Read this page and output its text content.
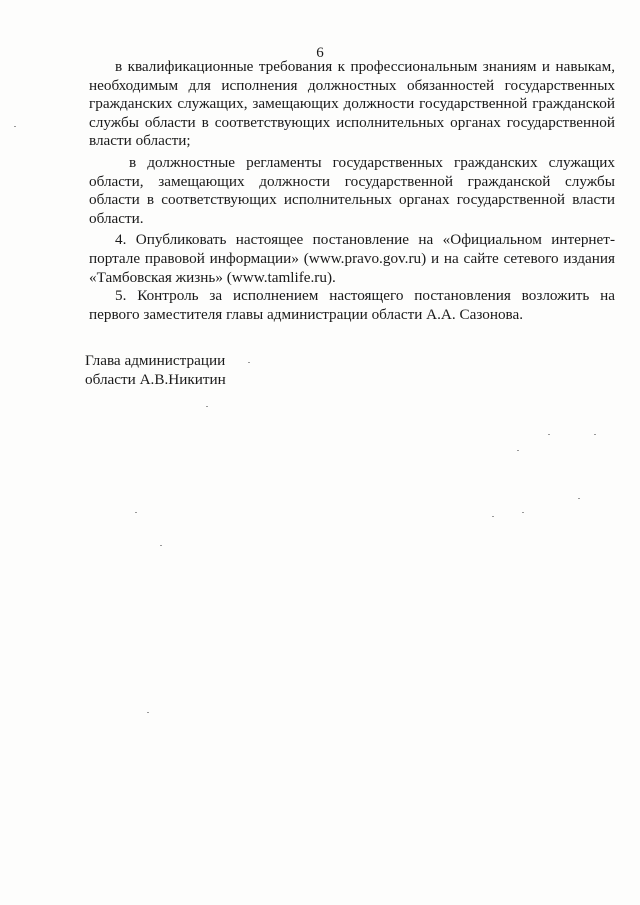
6

в квалификационные требования к профессиональным знаниям и навыкам, необходимым для исполнения должностных обязанностей государственных гражданских служащих, замещающих должности государственной гражданской службы области в соответствующих исполнительных органах государственной власти области;

в должностные регламенты государственных гражданских служащих области, замещающих должности государственной гражданской службы области в соответствующих исполнительных органах государственной власти области.

4. Опубликовать настоящее постановление на «Официальном интернет-портале правовой информации» (www.pravo.gov.ru) и на сайте сетевого издания «Тамбовская жизнь» (www.tamlife.ru).

5. Контроль за исполнением настоящего постановления возложить на первого заместителя главы администрации области А.А. Сазонова.

Глава администрации
области А.В.Никитин
